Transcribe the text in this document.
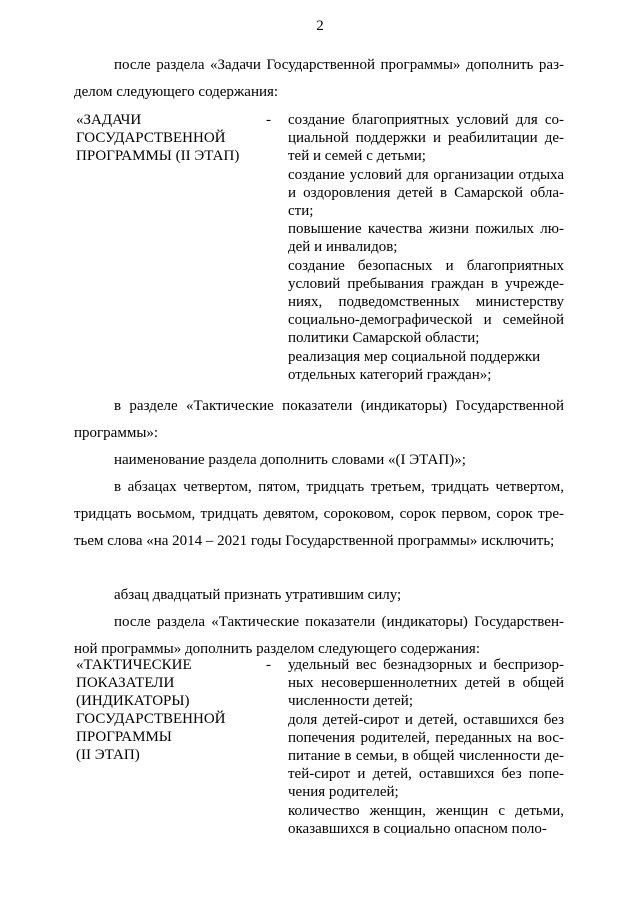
2
после раздела «Задачи Государственной программы» дополнить разделом следующего содержания:
«ЗАДАЧИ
ГОСУДАРСТВЕННОЙ
ПРОГРАММЫ (II ЭТАП)
- создание благоприятных условий для социальной поддержки и реабилитации детей и семей с детьми;

создание условий для организации отдыха и оздоровления детей в Самарской области;

повышение качества жизни пожилых людей и инвалидов;

создание безопасных и благоприятных условий пребывания граждан в учреждениях, подведомственных министерству социально-демографической и семейной политики Самарской области;

реализация мер социальной поддержки отдельных категорий граждан»;

в разделе «Тактические показатели (индикаторы) Государственной программы»:
наименование раздела дополнить словами «(I ЭТАП)»;
в абзацах четвертом, пятом, тридцать третьем, тридцать четвертом, тридцать восьмом, тридцать девятом, сороковом, сорок первом, сорок третьем слова «на 2014 – 2021 годы Государственной программы» исключить;
абзац двадцатый признать утратившим силу;
после раздела «Тактические показатели (индикаторы) Государственной программы» дополнить разделом следующего содержания:
«ТАКТИЧЕСКИЕ
ПОКАЗАТЕЛИ
(ИНДИКАТОРЫ)
ГОСУДАРСТВЕННОЙ
ПРОГРАММЫ
(II ЭТАП)
- удельный вес безнадзорных и беспризорных несовершеннолетних детей в общей численности детей;

доля детей-сирот и детей, оставшихся без попечения родителей, переданных на воспитание в семьи, в общей численности детей-сирот и детей, оставшихся без попечения родителей;

количество женщин, женщин с детьми, оказавшихся в социально опасном поло-
